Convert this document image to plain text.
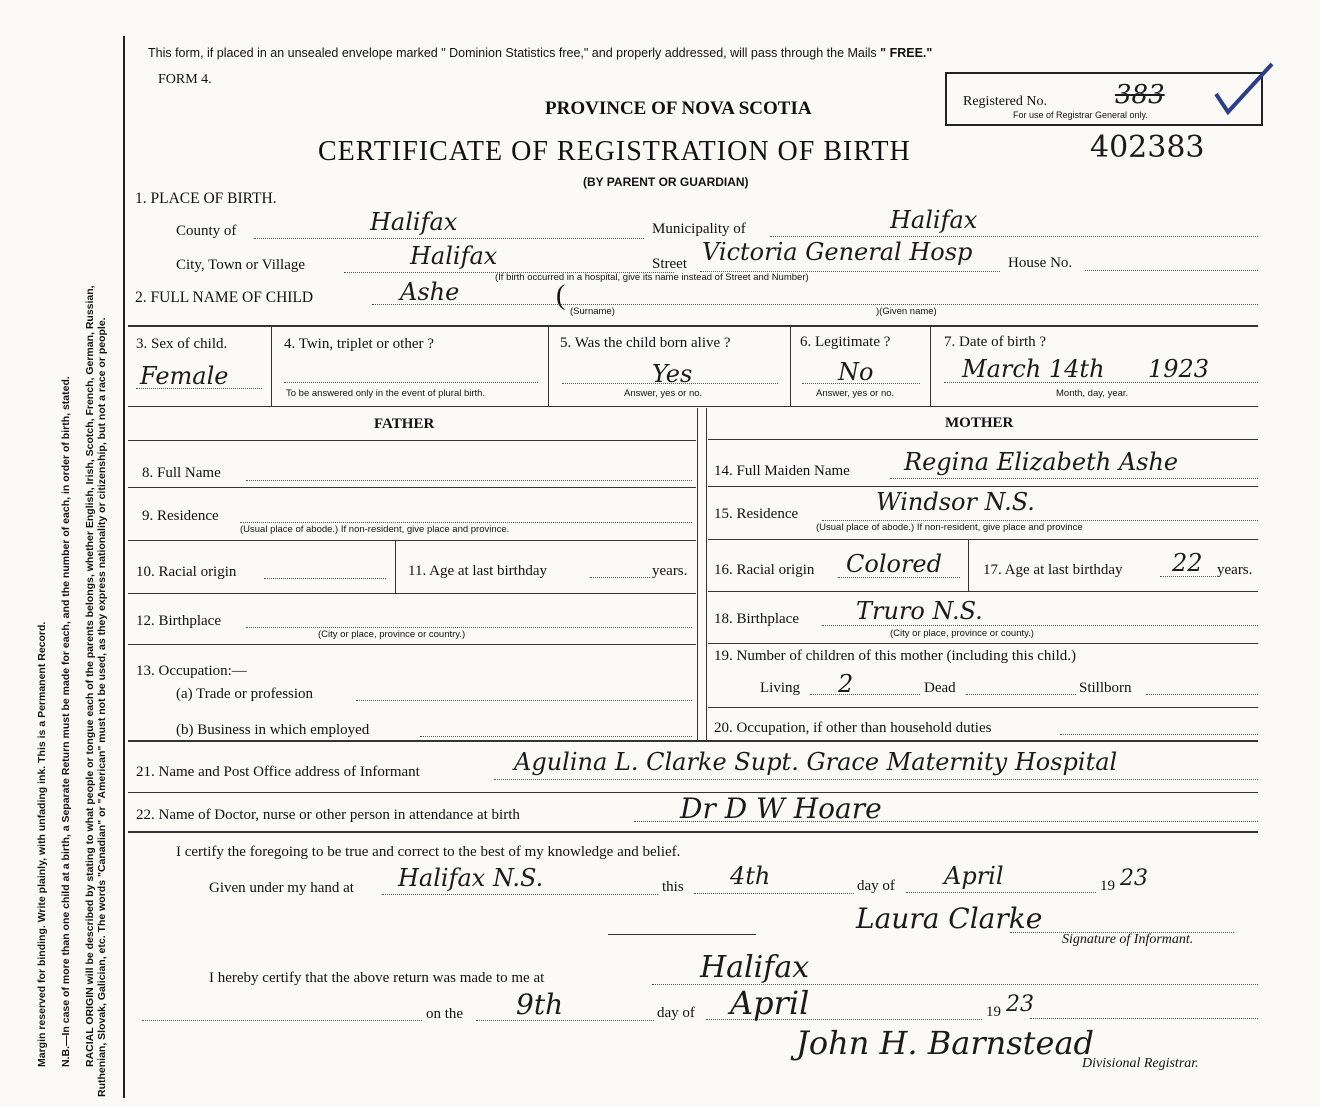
Margin reserved for binding. Write plainly, with unfading ink. This is a Permanent Record. N.B.—In case of more than one child at a birth, a Separate Return must be made for each, and the number of each, in order of birth, stated. RACIAL ORIGIN will be described by stating to what people or tongue each of the parents belongs, whether English, Irish, Scotch, French, German, Russian, Ruthenian, Slovak, Galician, etc. The words "Canadian" or "American" must not be used, as they express nationality or citizenship, but not a race or people.
This form, if placed in an unsealed envelope marked " Dominion Statistics free," and properly addressed, will pass through the Mails " FREE."
FORM 4.
PROVINCE OF NOVA SCOTIA	Registered No.	383
For use of Registrar General only.
CERTIFICATE OF REGISTRATION OF BIRTH	402383
(BY PARENT OR GUARDIAN)
1. PLACE OF BIRTH.
County of	Halifax	Municipality of	Halifax
City, Town or Village	Halifax	Street Victoria General Hosp
(If birth occurred in a hospital, give its name instead of Street and Number)
House No.
2. FULL NAME OF CHILD	Ashe	(
(Surname)	)(Given name)
3. Sex of child.
Female
4. Twin, triplet or other ?
To be answered only in the event of plural birth.
5. Was the child born alive ?
Yes
Answer, yes or no.
6. Legitimate ?
No
Answer, yes or no.
7. Date of birth ?
March 14th 1923
Month, day, year.
FATHER	MOTHER
8. Full Name
9. Residence
(Usual place of abode.) If non-resident, give place and province.
10. Racial origin	11. Age at last birthday	years.
12. Birthplace
(City or place, province or country.)
13. Occupation:—
(a) Trade or profession
(b) Business in which employed
14. Full Maiden Name Regina Elizabeth Ashe
15. Residence	Windsor N.S.
(Usual place of abode.) If non-resident, give place and province
16. Racial origin Colored	17. Age at last birthday 22 years.
18. Birthplace Truro N.S.
(City or place, province or county.)
19. Number of children of this mother (including this child.)
Living 2	Dead	Stillborn
20. Occupation, if other than household duties
21. Name and Post Office address of Informant	Agulina L. Clarke Supt. Grace Maternity Hospital
22. Name of Doctor, nurse or other person in attendance at birth	Dr D W Hoare
I certify the foregoing to be true and correct to the best of my knowledge and belief.
Given under my hand at Halifax N.S.	this 4th	day of April	19 23
Laura Clarke
Signature of Informant.
I hereby certify that the above return was made to me at	Halifax
on the 9th	day of April	19 23
John H. Barnstead
Divisional Registrar.
